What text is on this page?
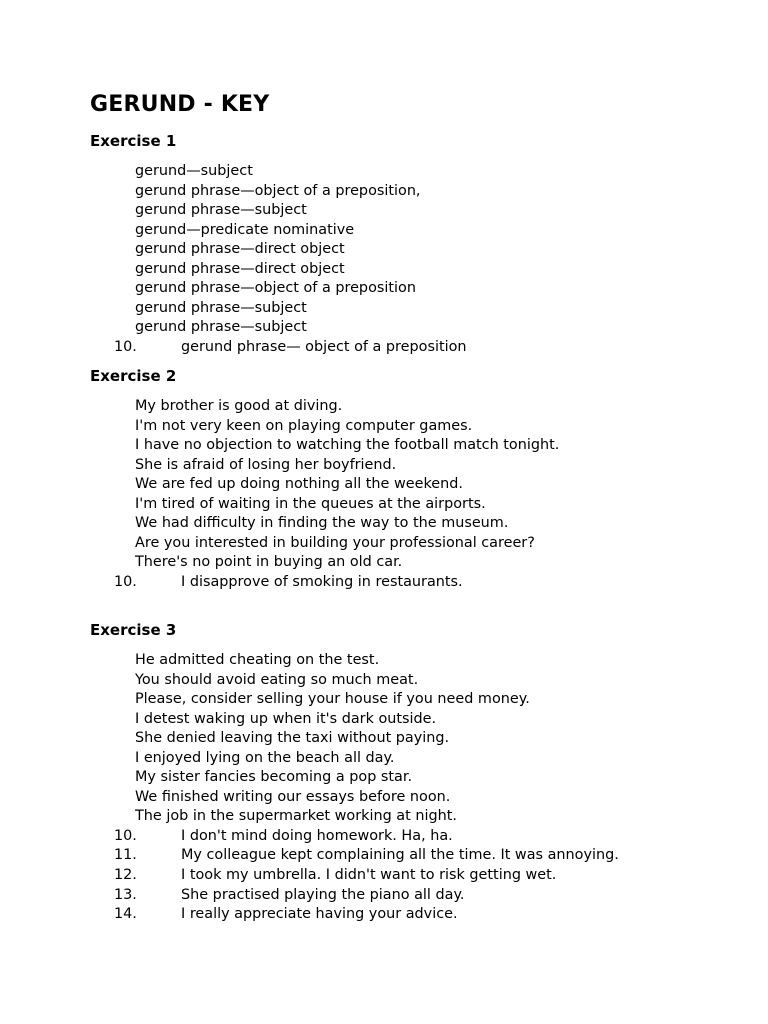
GERUND - KEY
Exercise 1
gerund—subject
gerund phrase—object of a preposition,
gerund phrase—subject
gerund—predicate nominative
gerund phrase—direct object
gerund phrase—direct object
gerund phrase—object of a preposition
gerund phrase—subject
gerund phrase—subject
10.	gerund phrase— object of a preposition
Exercise 2
My brother is good at diving.
I'm not very keen on playing computer games.
I have no objection to watching the football match tonight.
She is afraid of losing her boyfriend.
We are fed up doing nothing all the weekend.
I'm tired of waiting in the queues at the airports.
We had difficulty in finding the way to the museum.
Are you interested in building your professional career?
There's no point in buying an old car.
10.	I disapprove of smoking in restaurants.
Exercise 3
He admitted cheating on the test.
You should avoid eating so much meat.
Please, consider selling your house if you need money.
I detest waking up when it's dark outside.
She denied leaving the taxi without paying.
I enjoyed lying on the beach all day.
My sister fancies becoming a pop star.
We finished writing our essays before noon.
The job in the supermarket working at night.
10.	I don't mind doing homework. Ha, ha.
11.	My colleague kept complaining all the time. It was annoying.
12.	I took my umbrella. I didn't want to risk getting wet.
13.	She practised playing the piano all day.
14.	I really appreciate having your advice.
